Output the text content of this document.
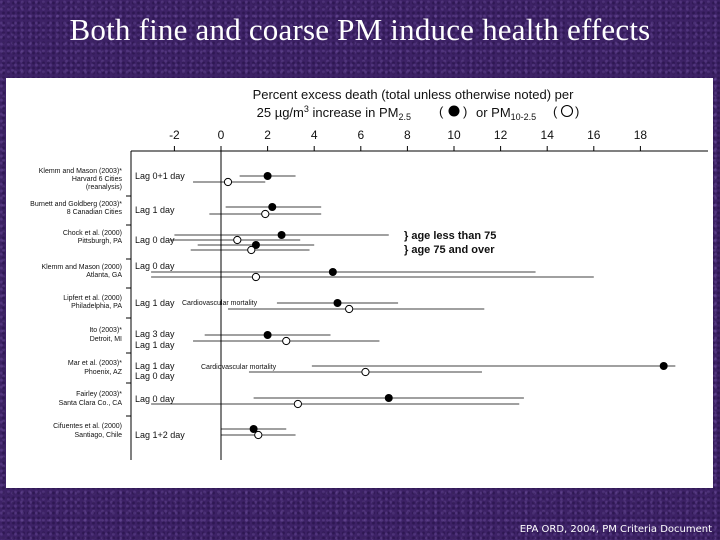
Both fine and coarse PM induce health effects
Percent excess death (total unless otherwise noted) per
25 $\mu g/m^3$ increase in $PM_{2.5}$	or $PM_{10-2.5}$
( )	( )
-2	0	2	4	6	8	10	12	14	16	18
Klemm and Mason (2003)*
Harvard 6 Cities
(reanalysis)
Lag 0+1 day
Burnett and Goldberg (2003)*
8 Canadian Cities Lag 1 day
Chock et al. (2000)
Pittsburgh, PA Lag 0 day
Klemm and Mason (2000)
Atlanta, GA
Lag 0 day
Lipfert et al. (2000)
Philadelphia, PA Lag 1 day Cardiovascular mortality
Ito (2003)*
Detroit, MI
Lag 3 day
Lag 1 day
Mar et al. (2003)*
Phoenix, AZ
Lag 1 day
Lag 0 day
Cardiovascular mortality
Fairley (2003)*
Santa Clara Co., CA Lag 0 day
Cifuentes et al. (2000)
Santiago, Chile Lag 1+2 day
} age less than 75
} age 75 and over
EPA ORD, 2004, PM Criteria Document
